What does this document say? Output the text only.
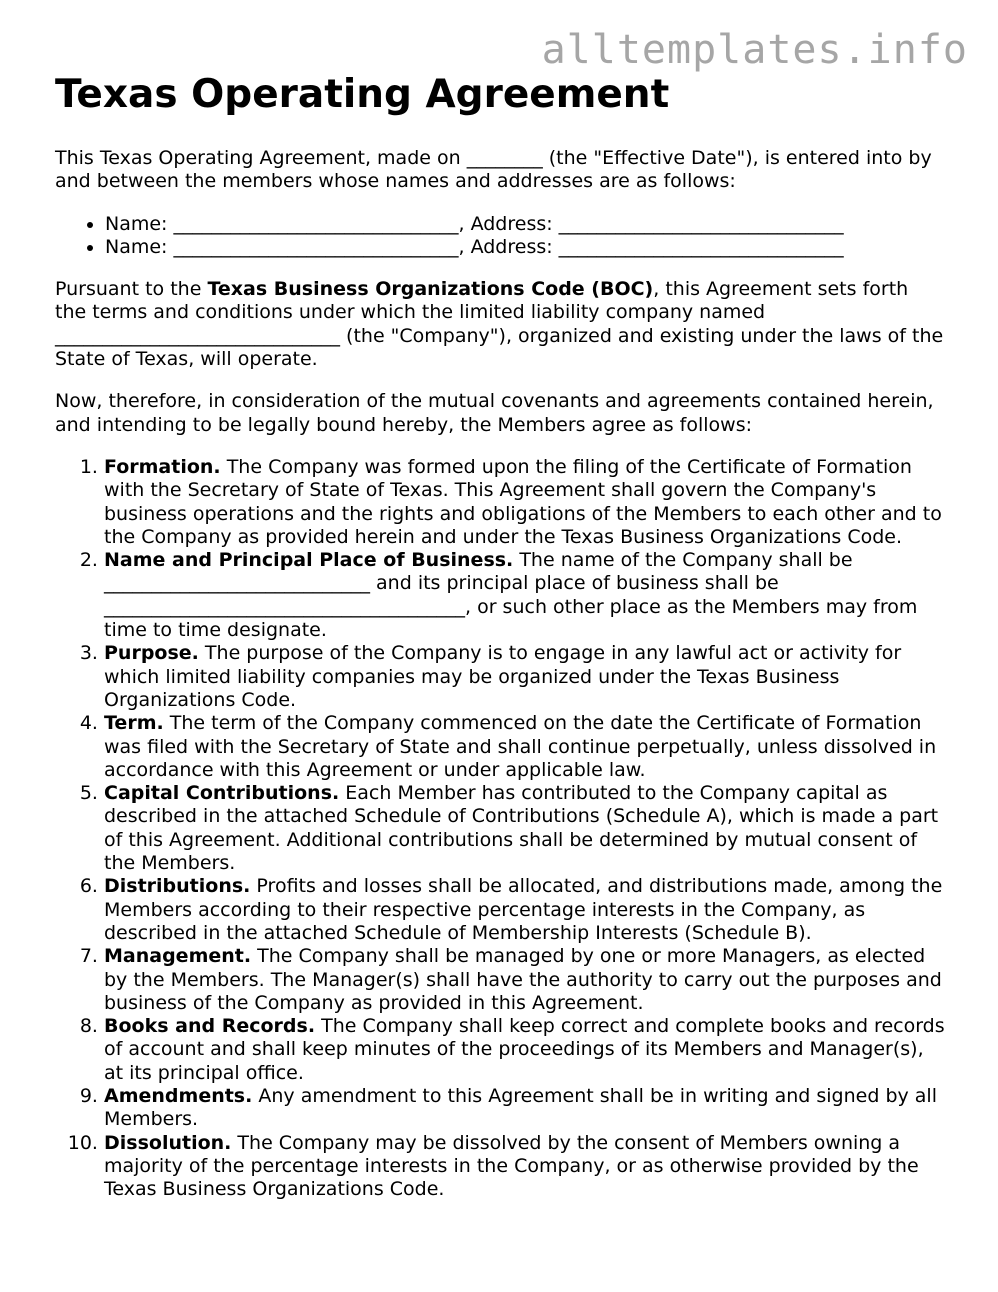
alltemplates.info
Texas Operating Agreement

This Texas Operating Agreement, made on ________ (the "Effective Date"), is entered into by and between the members whose names and addresses are as follows:

• Name: ______________________________, Address: ______________________________
• Name: ______________________________, Address: ______________________________

Pursuant to the Texas Business Organizations Code (BOC), this Agreement sets forth the terms and conditions under which the limited liability company named ______________________________ (the "Company"), organized and existing under the laws of the State of Texas, will operate.

Now, therefore, in consideration of the mutual covenants and agreements contained herein, and intending to be legally bound hereby, the Members agree as follows:

1. Formation. The Company was formed upon the filing of the Certificate of Formation with the Secretary of State of Texas. This Agreement shall govern the Company's business operations and the rights and obligations of the Members to each other and to the Company as provided herein and under the Texas Business Organizations Code.
2. Name and Principal Place of Business. The name of the Company shall be ____________________________ and its principal place of business shall be ______________________________________, or such other place as the Members may from time to time designate.
3. Purpose. The purpose of the Company is to engage in any lawful act or activity for which limited liability companies may be organized under the Texas Business Organizations Code.
4. Term. The term of the Company commenced on the date the Certificate of Formation was filed with the Secretary of State and shall continue perpetually, unless dissolved in accordance with this Agreement or under applicable law.
5. Capital Contributions. Each Member has contributed to the Company capital as described in the attached Schedule of Contributions (Schedule A), which is made a part of this Agreement. Additional contributions shall be determined by mutual consent of the Members.
6. Distributions. Profits and losses shall be allocated, and distributions made, among the Members according to their respective percentage interests in the Company, as described in the attached Schedule of Membership Interests (Schedule B).
7. Management. The Company shall be managed by one or more Managers, as elected by the Members. The Manager(s) shall have the authority to carry out the purposes and business of the Company as provided in this Agreement.
8. Books and Records. The Company shall keep correct and complete books and records of account and shall keep minutes of the proceedings of its Members and Manager(s), at its principal office.
9. Amendments. Any amendment to this Agreement shall be in writing and signed by all Members.
10. Dissolution. The Company may be dissolved by the consent of Members owning a majority of the percentage interests in the Company, or as otherwise provided by the Texas Business Organizations Code.
